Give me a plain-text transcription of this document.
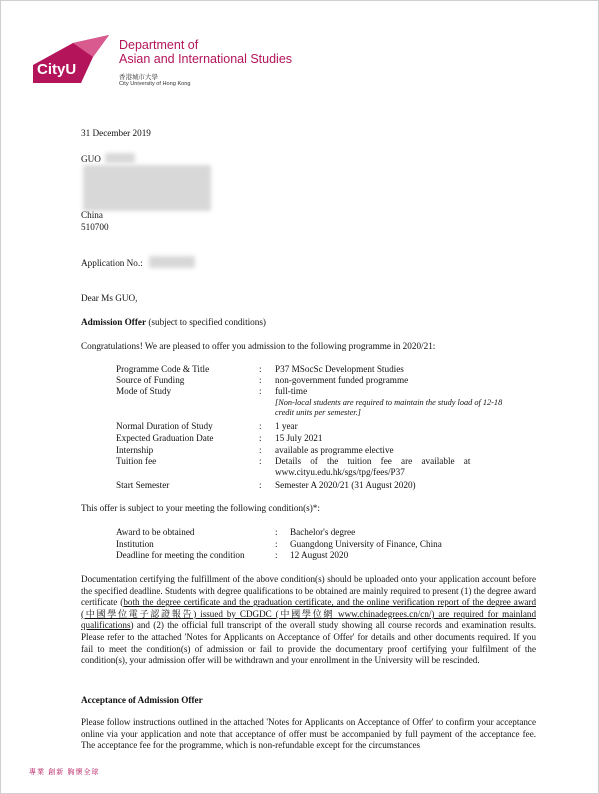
CityU
Department of
Asian and International Studies
香港城市大學
City University of Hong Kong
31 December 2019
GUO
China
510700
Application No.:
Dear Ms GUO,
Admission Offer (subject to specified conditions)
Congratulations! We are pleased to offer you admission to the following programme in 2020/21:
Programme Code & Title	: P37 MSocSc Development Studies
Source of Funding	: non-government funded programme
Mode of Study	: full-time
[Non-local students are required to maintain the study load of 12-18
credit units per semester.]
Normal Duration of Study	: 1 year
Expected Graduation Date	: 15 July 2021
Internship	: available as programme elective
Tuition fee	: Details    of    the    tuition    fee    are    available    at
www.cityu.edu.hk/sgs/tpg/fees/P37
Start Semester	: Semester A 2020/21 (31 August 2020)
This offer is subject to your meeting the following condition(s)*:
Award to be obtained	: Bachelor's degree
Institution	: Guangdong University of Finance, China
Deadline for meeting the condition	: 12 August 2020
Documentation certifying the fulfillment of the above condition(s) should be uploaded onto your application account before the specified deadline. Students with degree qualifications to be obtained are mainly required to present (1) the degree award certificate (both the degree certificate and the graduation certificate, and the online verification report of the degree award (中國學位電子認證報告) issued by CDGDC (中國學位網 www.chinadegrees.cn/cn/) are required for mainland qualifications) and (2) the official full transcript of the overall study showing all course records and examination results. Please refer to the attached 'Notes for Applicants on Acceptance of Offer' for details and other documents required. If you fail to meet the condition(s) of admission or fail to provide the documentary proof certifying your fulfilment of the condition(s), your admission offer will be withdrawn and your enrollment in the University will be rescinded.
Acceptance of Admission Offer
Please follow instructions outlined in the attached 'Notes for Applicants on Acceptance of Offer' to confirm your acceptance online via your application and note that acceptance of offer must be accompanied by full payment of the acceptance fee. The acceptance fee for the programme, which is non-refundable except for the circumstances
專業 創新 胸懷全球
